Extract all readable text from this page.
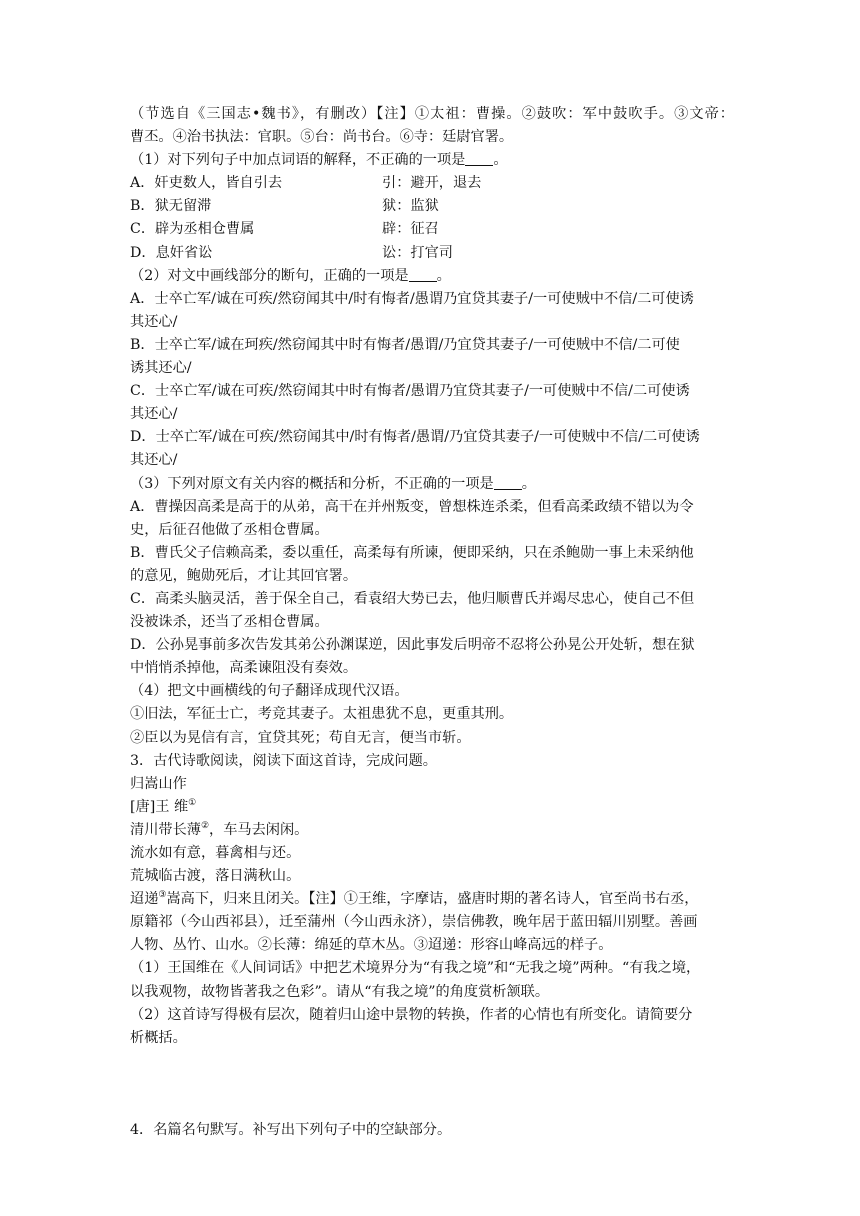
（节选自《三国志•魏书》，有删改）【注】①太祖：曹操。②鼓吹：军中鼓吹手。③文帝：
曹丕。④治书执法：官职。⑤台：尚书台。⑥寺：廷尉官署。
（1）对下列句子中加点词语的解释，不正确的一项是 。
A．奸吏数人，皆自引去	引：避开，退去
B．狱无留滞	狱：监狱
C．辟为丞相仓曹属	辟：征召
D．息奸省讼	讼：打官司
（2）对文中画线部分的断句，正确的一项是 。
A．士卒亡军/诚在可疾/然窃闻其中/时有悔者/愚谓乃宜贷其妻子/一可使贼中不信/二可使诱
其还心/
B．士卒亡军/诚在珂疾/然窃闻其中时有悔者/愚谓/乃宜贷其妻子/一可使贼中不信/二可使
诱其还心/
C．士卒亡军/诚在可疾/然窃闻其中时有悔者/愚谓乃宜贷其妻子/一可使贼中不信/二可使诱
其还心/
D．士卒亡军/诚在可疾/然窃闻其中/时有悔者/愚谓/乃宜贷其妻子/一可使贼中不信/二可使诱
其还心/
（3）下列对原文有关内容的概括和分析，不正确的一项是 。
A．曹操因高柔是高于的从弟，高干在并州叛变，曾想株连杀柔，但看高柔政绩不错以为令
史，后征召他做了丞相仓曹属。
B．曹氏父子信赖高柔，委以重任，高柔每有所谏，便即采纳，只在杀鲍勋一事上未采纳他
的意见，鲍勋死后，才让其回官署。
C．高柔头脑灵活，善于保全自己，看袁绍大势已去，他归顺曹氏并竭尽忠心，使自己不但
没被诛杀，还当了丞相仓曹属。
D．公孙晃事前多次告发其弟公孙渊谋逆，因此事发后明帝不忍将公孙晃公开处斩，想在狱
中悄悄杀掉他，高柔谏阻没有奏效。
（4）把文中画横线的句子翻译成现代汉语。
①旧法，军征士亡，考竞其妻子。太祖患犹不息，更重其刑。
②臣以为晃信有言，宜贷其死；苟自无言，便当市斩。
3．古代诗歌阅读，阅读下面这首诗，完成问题。
归嵩山作
[唐]王 维①
清川带长薄②，车马去闲闲。
流水如有意，暮禽相与还。
荒城临古渡，落日满秋山。
迢递③嵩高下，归来且闭关。【注】①王维，字摩诘，盛唐时期的著名诗人，官至尚书右丞，
原籍祁（今山西祁县），迁至蒲州（今山西永济），崇信佛教，晚年居于蓝田辐川别墅。善画
人物、丛竹、山水。②长薄：绵延的草木丛。③迢递：形容山峰高远的样子。
（1）王国维在《人间词话》中把艺术境界分为“有我之境”和“无我之境”两种。“有我之境，
以我观物，故物皆著我之色彩”。请从“有我之境”的角度赏析颔联。
（2）这首诗写得极有层次，随着归山途中景物的转换，作者的心情也有所变化。请简要分
析概括。
4．名篇名句默写。补写出下列句子中的空缺部分。
